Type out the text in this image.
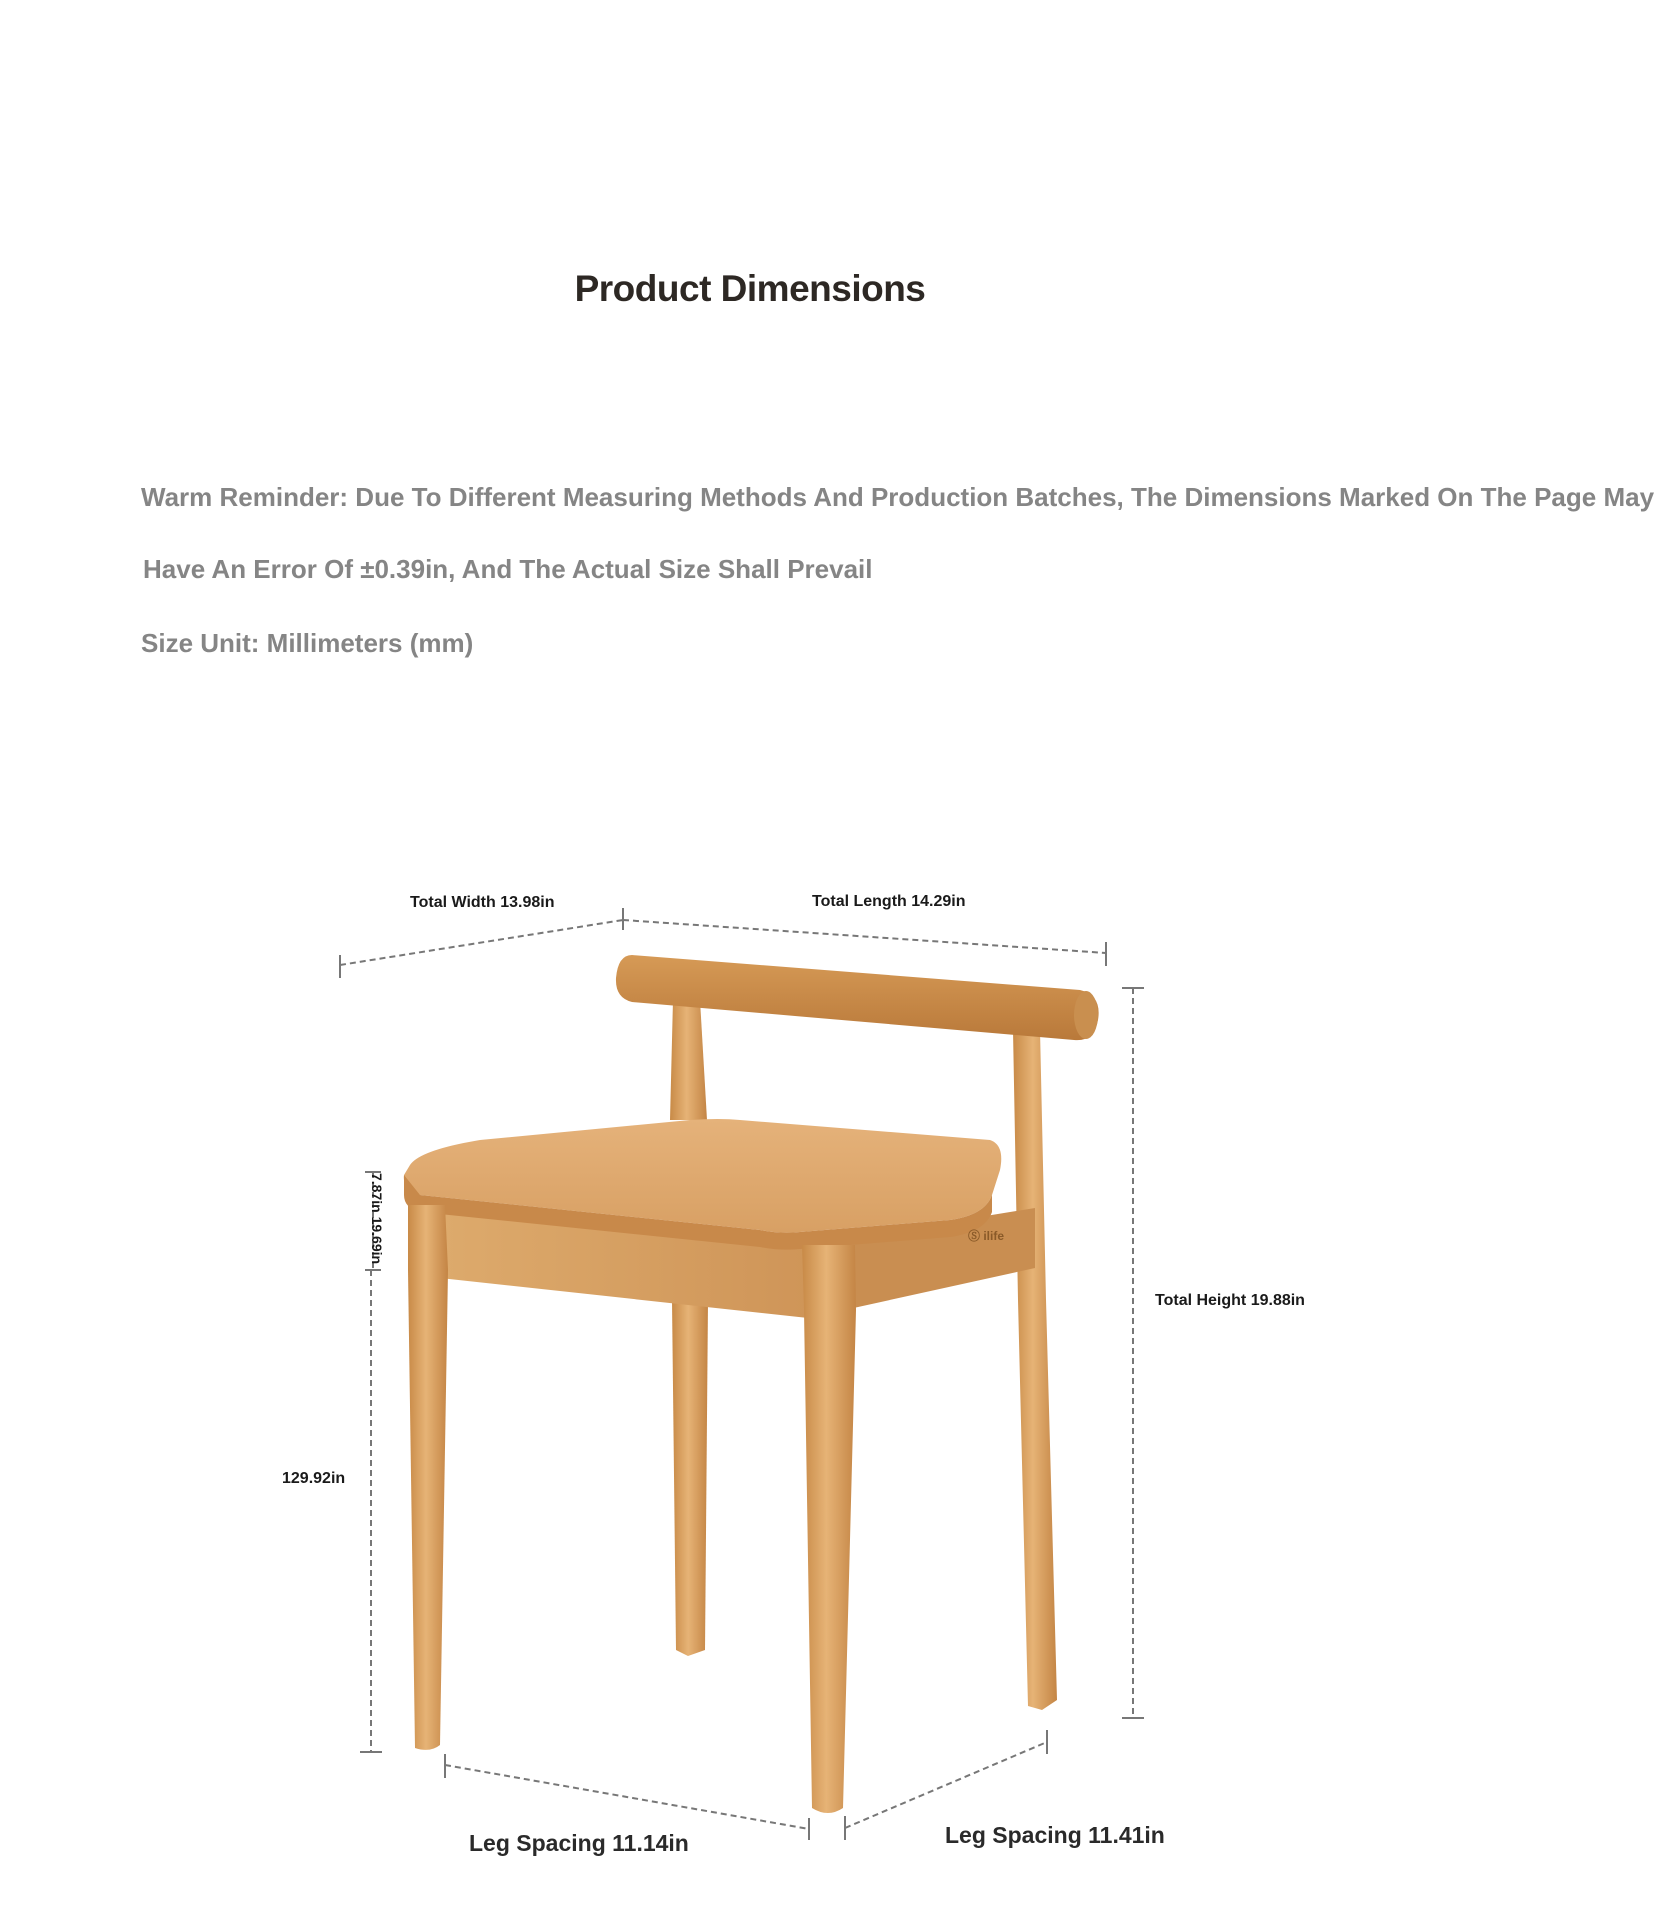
Product Dimensions
Warm Reminder: Due To Different Measuring Methods And Production Batches, The Dimensions Marked On The Page May
Have An Error Of ±0.39in, And The Actual Size Shall Prevail
Size Unit: Millimeters (mm)
Ⓢ ilife
Total Width 13.98in	Total Length 14.29in
Total Height 19.88in
129.92in
7.87in 19.69in
Leg Spacing 11.14in	Leg Spacing 11.41in
